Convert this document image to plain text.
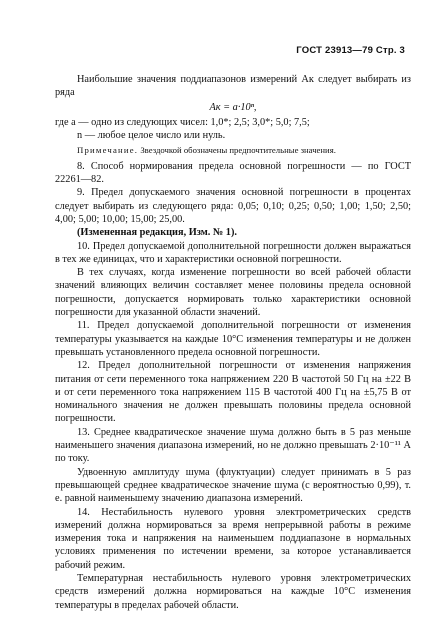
ГОСТ 23913—79 Стр. 3

Наибольшие значения поддиапазонов измерений Aк следует выбирать из ряда

Aк = a·10ⁿ,

где a — одно из следующих чисел: 1,0*; 2,5; 3,0*; 5,0; 7,5;

n — любое целое число или нуль.

Примечание. Звездочкой обозначены предпочтительные значения.

8. Способ нормирования предела основной погрешности — по ГОСТ 22261—82.

9. Предел допускаемого значения основной погрешности в процентах следует выбирать из следующего ряда: 0,05; 0,10; 0,25; 0,50; 1,00; 1,50; 2,50; 4,00; 5,00; 10,00; 15,00; 25,00.

(Измененная редакция, Изм. № 1).

10. Предел допускаемой дополнительной погрешности должен выражаться в тех же единицах, что и характеристики основной погрешности.

В тех случаях, когда изменение погрешности во всей рабочей области значений влияющих величин составляет менее половины предела основной погрешности, допускается нормировать только характеристики основной погрешности для указанной области значений.

11. Предел допускаемой дополнительной погрешности от изменения температуры указывается на каждые 10°C изменения температуры и не должен превышать установленного предела основной погрешности.

12. Предел дополнительной погрешности от изменения напряжения питания от сети переменного тока напряжением 220 В частотой 50 Гц на ±22 В и от сети переменного тока напряжением 115 В частотой 400 Гц на ±5,75 В от номинального значения не должен превышать половины предела основной погрешности.

13. Среднее квадратическое значение шума должно быть в 5 раз меньше наименьшего значения диапазона измерений, но не должно превышать 2·10⁻¹¹ А по току.

Удвоенную амплитуду шума (флуктуации) следует принимать в 5 раз превышающей среднее квадратическое значение шума (с вероятностью 0,99), т. е. равной наименьшему значению диапазона измерений.

14. Нестабильность нулевого уровня электрометрических средств измерений должна нормироваться за время непрерывной работы в режиме измерения тока и напряжения на наименьшем поддиапазоне в нормальных условиях применения по истечении времени, за которое устанавливается рабочий режим.

Температурная нестабильность нулевого уровня электрометрических средств измерений должна нормироваться на каждые 10°C изменения температуры в пределах рабочей области.
